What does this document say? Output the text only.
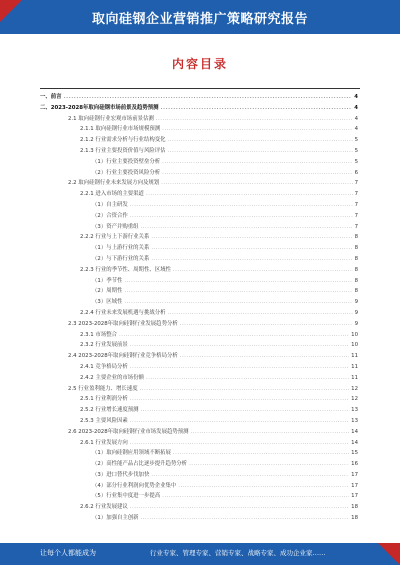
取向硅钢企业营销推广策略研究报告
内容目录
一、前言 .....	4
二、2023-2028年取向硅钢市场前景及趋势预测 .....	4
2.1 取向硅钢行业宏观市场前景估测 .....	4
2.1.1 取向硅钢行业市场规模预测 .....	4
2.1.2 行业需求分析与行业结构变化 .....	5
2.1.3 行业主要投资价值与风险评估 .....	5
（1）行业主要投资壁垒分析 .....	5
（2）行业主要投资风险分析 .....	6
2.2 取向硅钢行业未来发展方向及规划 .....	7
2.2.1 进入市场的主要渠道 .....	7
（1）自主研发 .....	7
（2）合资合作 .....	7
（3）资产并购重组 .....	7
2.2.2 行业与上下游行业关系 .....	8
（1）与上游行业的关系 .....	8
（2）与下游行业的关系 .....	8
2.2.3 行业的季节性、周期性、区域性 .....	8
（1）季节性 .....	8
（2）周期性 .....	8
（3）区域性 .....	9
2.2.4 行业未来发展机遇与挑战分析 .....	9
2.3 2023-2028年取向硅钢行业发展趋势分析 .....	9
2.3.1 市场整合 .....	10
2.3.2 行业发展前景 .....	10
2.4 2023-2028年取向硅钢行业竞争格局分析 .....	11
2.4.1 竞争格局分析 .....	11
2.4.2 主要企业的市场份额 .....	11
2.5 行业盈利能力、增长速度 .....	12
2.5.1 行业利润分析 .....	12
2.5.2 行业增长速度预测 .....	13
2.5.3 主要风险因素 .....	13
2.6 2023-2028年取向硅钢行业市场发展趋势预测 .....	14
2.6.1 行业发展方向 .....	14
（1）取向硅钢应用领域不断拓展 .....	15
（2）高性能产品占比逐步提升趋势分析 .....	16
（3）进口替代步伐加快 .....	17
（4）部分行业利润向优势企业集中 .....	17
（5）行业集中度进一步提高 .....	17
2.6.2 行业发展建议 .....	18
（1）加强自主创新 .....	18
让每个人都能成为	行业专家、管理专家、营销专家、战略专家、成功企业家……
